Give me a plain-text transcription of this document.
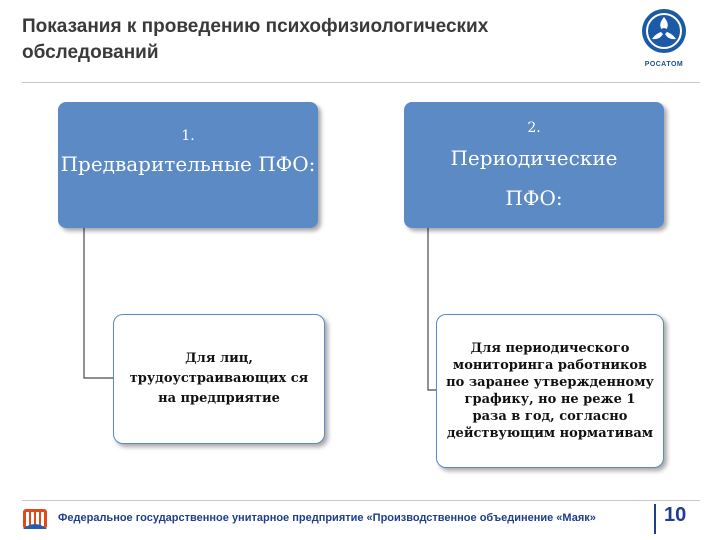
Показания к проведению психофизиологических обследований
РОСАТОМ
1.
Предварительные ПФО:
2.
Периодические
ПФО:
Для лиц, трудоустраивающих ся на предприятие
Для периодического мониторинга работников по заранее утвержденному графику, но не реже 1 раза в год, согласно действующим нормативам
Федеральное государственное унитарное предприятие «Производственное объединение «Маяк»	10
